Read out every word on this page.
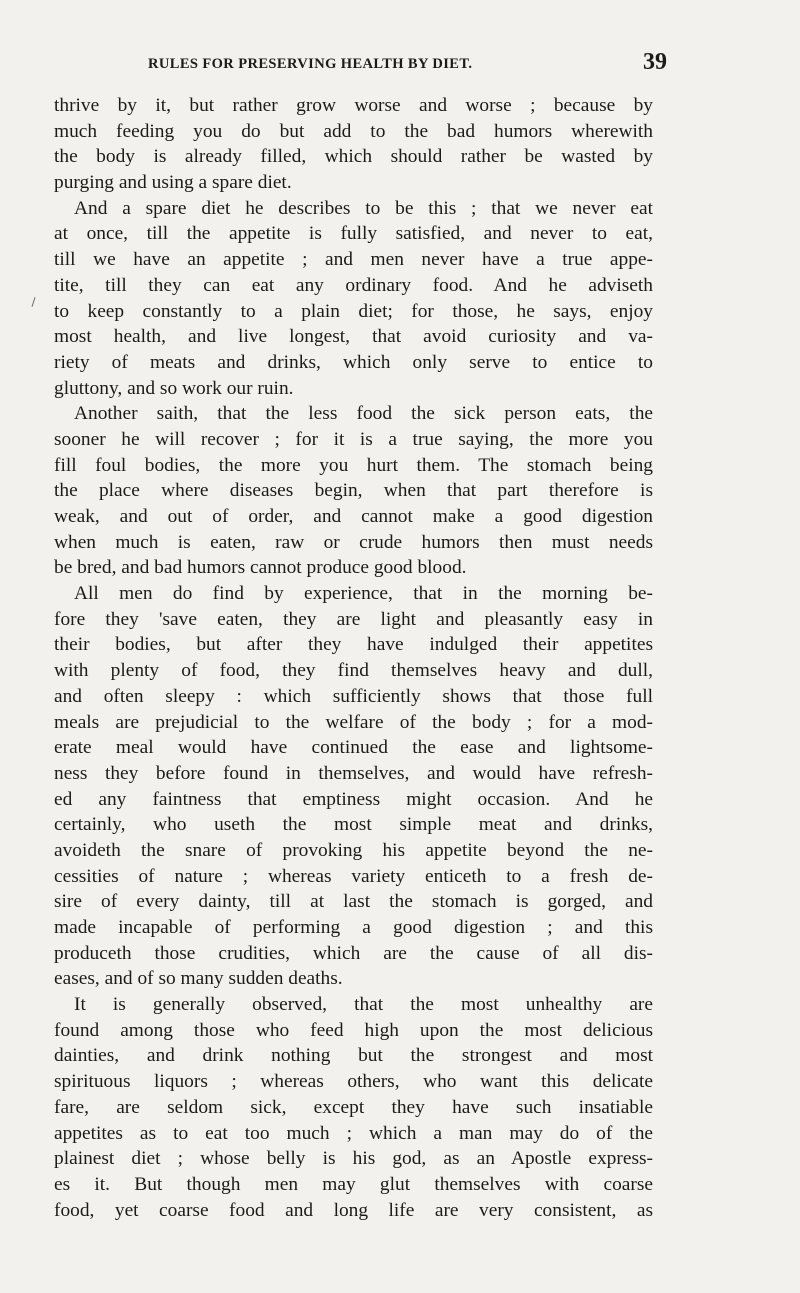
RULES FOR PRESERVING HEALTH BY DIET.	39
thrive by it, but rather grow worse and worse ; because by
much feeding you do but add to the bad humors wherewith
the body is already filled, which should rather be wasted by
purging and using a spare diet.
And a spare diet he describes to be this ; that we never eat
at once, till the appetite is fully satisfied, and never to eat,
till we have an appetite ; and men never have a true appe-
tite, till they can eat any ordinary food. And he adviseth
to keep constantly to a plain diet; for those, he says, enjoy
most health, and live longest, that avoid curiosity and va-
riety of meats and drinks, which only serve to entice to
gluttony, and so work our ruin.
Another saith, that the less food the sick person eats, the
sooner he will recover ; for it is a true saying, the more you
fill foul bodies, the more you hurt them. The stomach being
the place where diseases begin, when that part therefore is
weak, and out of order, and cannot make a good digestion
when much is eaten, raw or crude humors then must needs
be bred, and bad humors cannot produce good blood.
All men do find by experience, that in the morning be-
fore they 'save eaten, they are light and pleasantly easy in
their bodies, but after they have indulged their appetites
with plenty of food, they find themselves heavy and dull,
and often sleepy : which sufficiently shows that those full
meals are prejudicial to the welfare of the body ; for a mod-
erate meal would have continued the ease and lightsome-
ness they before found in themselves, and would have refresh-
ed any faintness that emptiness might occasion. And he
certainly, who useth the most simple meat and drinks,
avoideth the snare of provoking his appetite beyond the ne-
cessities of nature ; whereas variety enticeth to a fresh de-
sire of every dainty, till at last the stomach is gorged, and
made incapable of performing a good digestion ; and this
produceth those crudities, which are the cause of all dis-
eases, and of so many sudden deaths.
It is generally observed, that the most unhealthy are
found among those who feed high upon the most delicious
dainties, and drink nothing but the strongest and most
spirituous liquors ; whereas others, who want this delicate
fare, are seldom sick, except they have such insatiable
appetites as to eat too much ; which a man may do of the
plainest diet ; whose belly is his god, as an Apostle express-
es it. But though men may glut themselves with coarse
food, yet coarse food and long life are very consistent, as
